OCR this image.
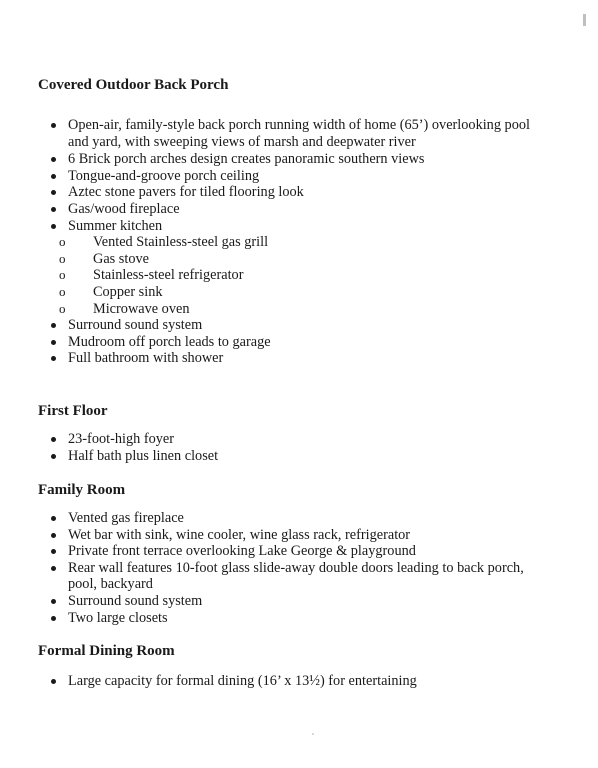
Covered Outdoor Back Porch
Open-air, family-style back porch running width of home (65’) overlooking pool and yard, with sweeping views of marsh and deepwater river
6 Brick porch arches design creates panoramic southern views
Tongue-and-groove porch ceiling
Aztec stone pavers for tiled flooring look
Gas/wood fireplace
Summer kitchen
o Vented Stainless-steel gas grill
o Gas stove
o Stainless-steel refrigerator
o Copper sink
o Microwave oven
Surround sound system
Mudroom off porch leads to garage
Full bathroom with shower
First Floor
23-foot-high foyer
Half bath plus linen closet
Family Room
Vented gas fireplace
Wet bar with sink, wine cooler, wine glass rack, refrigerator
Private front terrace overlooking Lake George & playground
Rear wall features 10-foot glass slide-away double doors leading to back porch, pool, backyard
Surround sound system
Two large closets
Formal Dining Room
Large capacity for formal dining (16’ x 13½) for entertaining
